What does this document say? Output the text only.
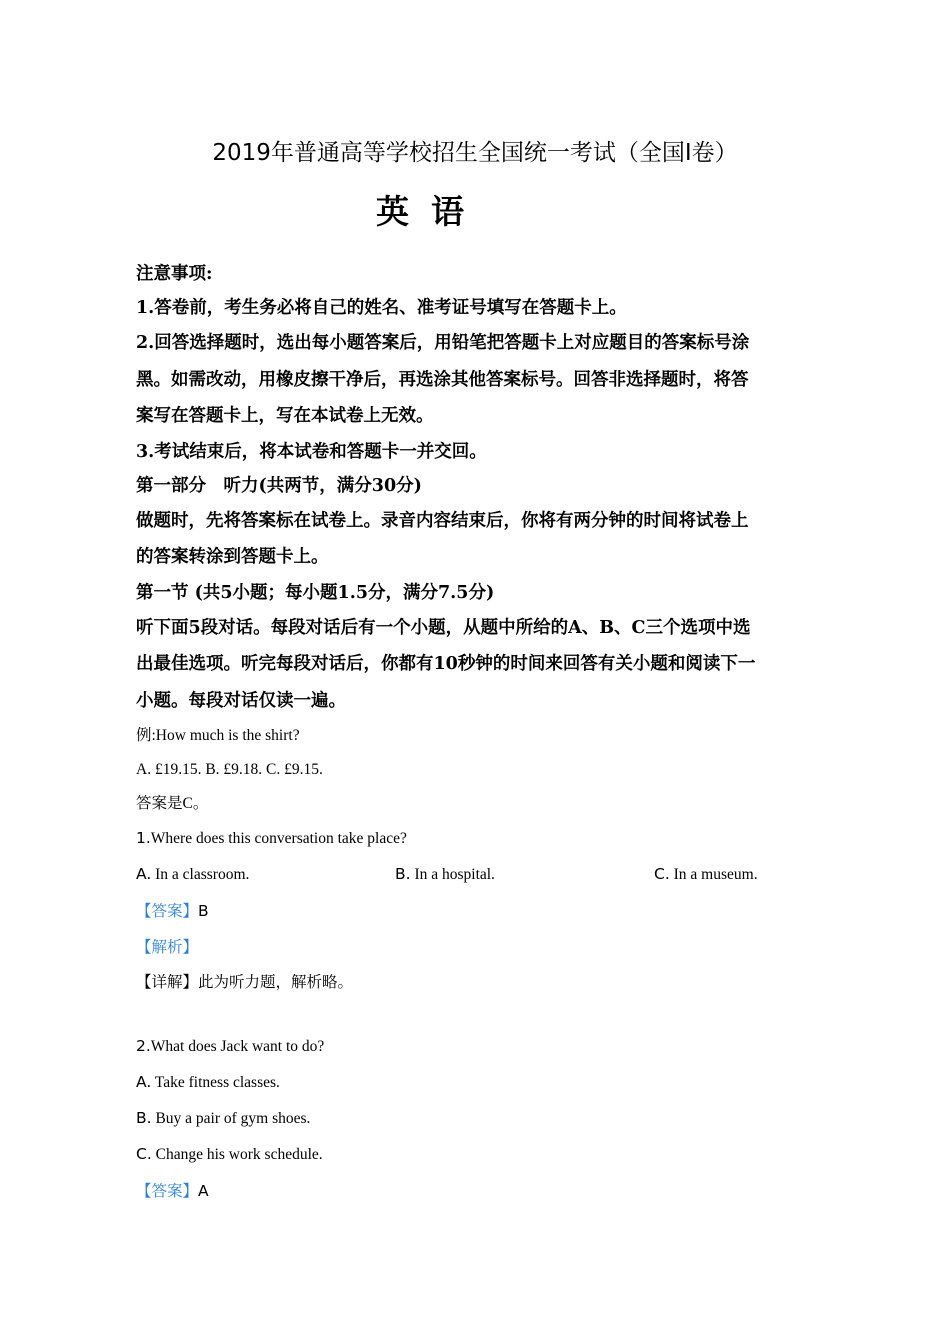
2019年普通高等学校招生全国统一考试（全国I卷）
英语
注意事项:
1.答卷前，考生务必将自己的姓名、准考证号填写在答题卡上。
2.回答选择题时，选出每小题答案后，用铅笔把答题卡上对应题目的答案标号涂
黑。如需改动，用橡皮擦干净后，再选涂其他答案标号。回答非选择题时，将答
案写在答题卡上，写在本试卷上无效。
3.考试结束后，将本试卷和答题卡一并交回。
第一部分　听力(共两节，满分30分)
做题时，先将答案标在试卷上。录音内容结束后，你将有两分钟的时间将试卷上
的答案转涂到答题卡上。
第一节 (共5小题；每小题1.5分，满分7.5分)
听下面5段对话。每段对话后有一个小题，从题中所给的A、B、C三个选项中选
出最佳选项。听完每段对话后，你都有10秒钟的时间来回答有关小题和阅读下一
小题。每段对话仅读一遍。
例:How much is the shirt?
A. £19.15. B. £9.18. C. £9.15.
答案是C。
1.Where does this conversation take place?
A. In a classroom.	B. In a hospital.	C. In a museum.
【答案】B
【解析】
【详解】此为听力题，解析略。
2.What does Jack want to do?
A. Take fitness classes.
B. Buy a pair of gym shoes.
C. Change his work schedule.
【答案】A
